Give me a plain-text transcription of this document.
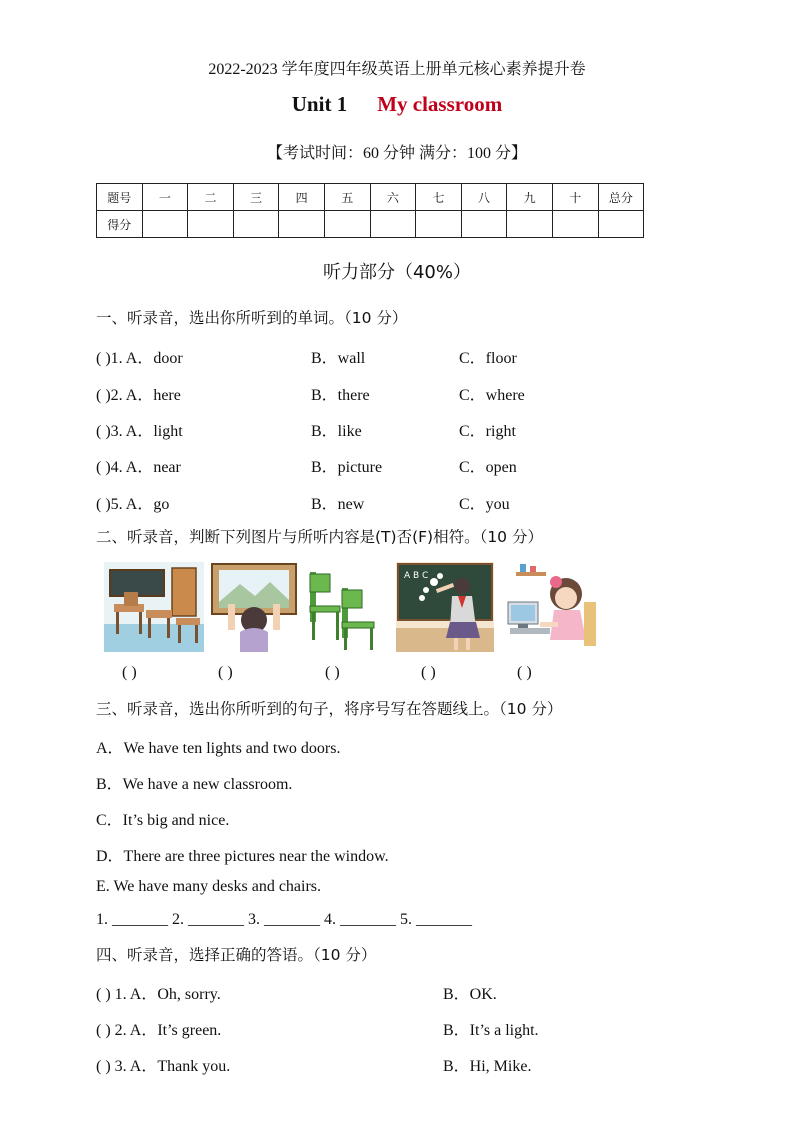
2022-2023 学年度四年级英语上册单元核心素养提升卷
Unit 1 My classroom
【考试时间：60 分钟 满分：100 分】
题号	一	二	三	四	五	六	七	八	九	十	总分
得分											
听力部分（40%）
一、听录音，选出你所听到的单词。（10 分）
( )1. A．door	B．wall	C．floor
( )2. A．here	B．there	C．where
( )3. A．light	B．like	C．right
( )4. A．near	B．picture	C．open
( )5. A．go	B．new	C．you
二、听录音，判断下列图片与所听内容是(T)否(F)相符。（10 分）
A B C
( )	( )	( )	( )	( )
三、听录音，选出你所听到的句子，将序号写在答题线上。（10 分）
A．We have ten lights and two doors.
B．We have a new classroom.
C．It’s big and nice.
D．There are three pictures near the window.
E. We have many desks and chairs.
1. _______ 2. _______ 3. _______ 4. _______ 5. _______
四、听录音，选择正确的答语。（10 分）
( ) 1. A．Oh, sorry.	B．OK.
( ) 2. A．It’s green.	B．It’s a light.
( ) 3. A．Thank you.	B．Hi, Mike.
